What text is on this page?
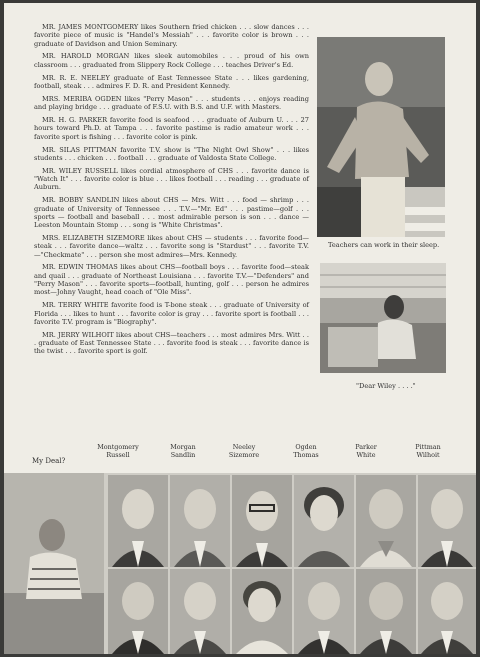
MR. JAMES MONTGOMERY likes Southern fried chicken . . . slow dances . . . favorite piece of music is "Handel's Messiah" . . . favorite color is brown . . . graduate of Davidson and Union Seminary.

MR. HAROLD MORGAN likes sleek automobiles . . . proud of his own classroom . . . graduated from Slippery Rock College . . . teaches Driver's Ed.

MR. R. E. NEELEY graduate of East Tennessee State . . . likes gardening, football, steak . . . admires F. D. R. and President Kennedy.

MRS. MERIBA OGDEN likes "Perry Mason" . . . students . . . enjoys reading and playing bridge . . . graduate of F.S.U. with B.S. and U.F. with Masters.

MR. H. G. PARKER favorite food is seafood . . . graduate of Auburn U. . . . 27 hours toward Ph.D. at Tampa . . . favorite pastime is radio amateur work . . . favorite sport is fishing . . . favorite color is pink.

MR. SILAS PITTMAN favorite T.V. show is "The Night Owl Show" . . . likes students . . . chicken . . . football . . . graduate of Valdosta State College.

MR. WILEY RUSSELL likes cordial atmosphere of CHS . . . favorite dance is "Watch It" . . . favorite color is blue . . . likes football . . . reading . . . graduate of Auburn.

MR. BOBBY SANDLIN likes about CHS — Mrs. Witt . . . food — shrimp . . . graduate of University of Tennessee . . . T.V.—"Mr. Ed" . . . pastime—golf . . . sports — football and baseball . . . most admirable person is son . . . dance — Leeston Mountain Stomp . . . song is "White Christmas".

MRS. ELIZABETH SIZEMORE likes about CHS — students . . . favorite food—steak . . . favorite dance—waltz . . . favorite song is "Stardust" . . . favorite T.V.—"Checkmate" . . . person she most admires—Mrs. Kennedy.

MR. EDWIN THOMAS likes about CHS—football boys . . . favorite food—steak and quail . . . graduate of Northeast Louisiana . . . favorite T.V.—"Defenders" and "Perry Mason" . . . favorite sports—football, hunting, golf . . . person he admires most—Johny Vaught, head coach of "Ole Miss".

MR. TERRY WHITE favorite food is T-bone steak . . . graduate of University of Florida . . . likes to hunt . . . favorite color is gray . . . favorite sport is football . . . favorite T.V. program is "Biography".

MR. JERRY WILHOIT likes about CHS—teachers . . . most admires Mrs. Witt . . . graduate of East Tennessee State . . . favorite food is steak . . . favorite dance is the twist . . . favorite sport is golf.

Teachers can work in their sleep.
"Dear Wiley . . . ."
Montgomery
Russell
Morgan
Sandlin
Neeley
Sizemore
Ogden
Thomas
Parker
White
Pittman
Wilhoit
My Deal?
